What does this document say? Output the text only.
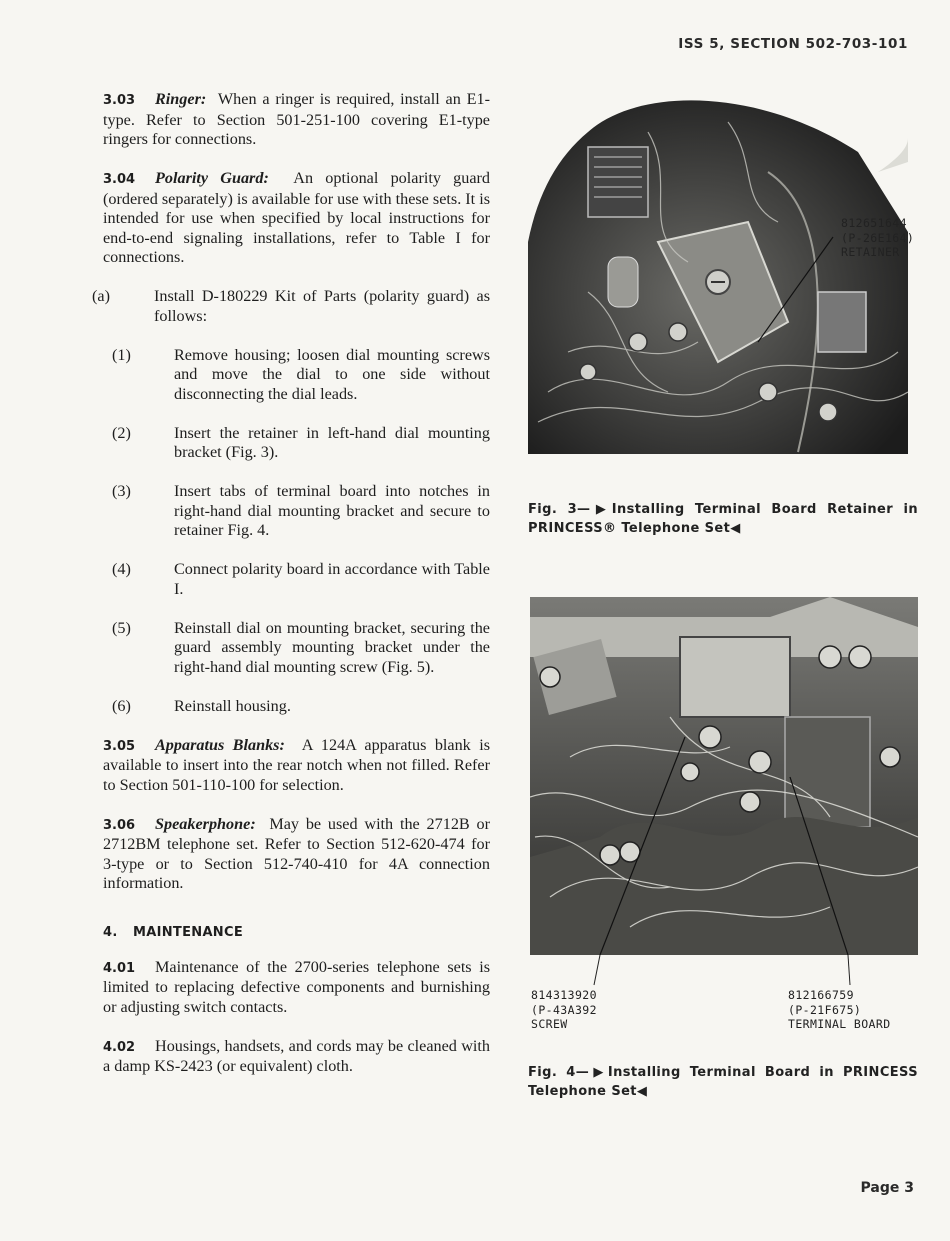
ISS 5, SECTION 502-703-101

3.03 Ringer: When a ringer is required, install an E1-type. Refer to Section 501-251-100 covering E1-type ringers for connections.

3.04 Polarity Guard: An optional polarity guard (ordered separately) is available for use with these sets. It is intended for use when specified by local instructions for end-to-end signaling installations, refer to Table I for connections.

(a)	Install D-180229 Kit of Parts (polarity guard) as follows:
(1)	Remove housing; loosen dial mounting screws and move the dial to one side without disconnecting the dial leads.
(2)	Insert the retainer in left-hand dial mounting bracket (Fig. 3).
(3)	Insert tabs of terminal board into notches in right-hand dial mounting bracket and secure to retainer Fig. 4.
(4)	Connect polarity board in accordance with Table I.
(5)	Reinstall dial on mounting bracket, securing the guard assembly mounting bracket under the right-hand dial mounting screw (Fig. 5).
(6)	Reinstall housing.

3.05 Apparatus Blanks: A 124A apparatus blank is available to insert into the rear notch when not filled. Refer to Section 501-110-100 for selection.

3.06 Speakerphone: May be used with the 2712B or 2712BM telephone set. Refer to Section 512-620-474 for 3-type or to Section 512-740-410 for 4A connection information.

4. MAINTENANCE

4.01 Maintenance of the 2700-series telephone sets is limited to replacing defective components and burnishing or adjusting switch contacts.

4.02 Housings, handsets, and cords may be cleaned with a damp KS-2423 (or equivalent) cloth.

812651644
(P-26E164)
RETAINER
Fig. 3—▶Installing Terminal Board Retainer in PRINCESS® Telephone Set◀
814313920
(P-43A392
SCREW
812166759
(P-21F675)
TERMINAL BOARD
Fig. 4—▶Installing Terminal Board in PRINCESS Telephone Set◀
Page 3
